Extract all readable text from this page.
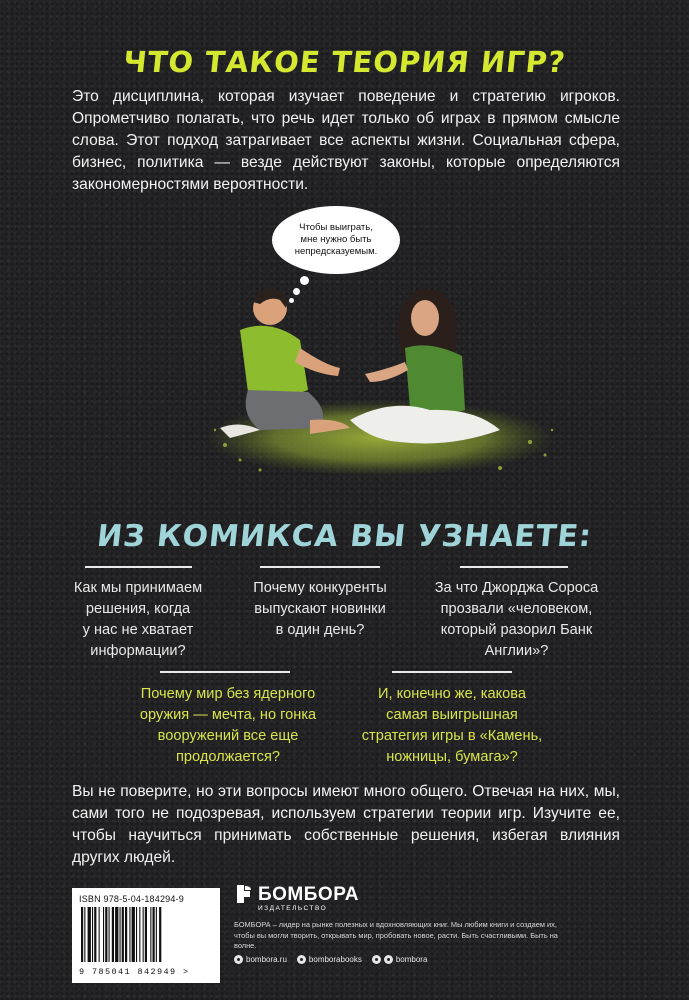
ЧТО ТАКОЕ ТЕОРИЯ ИГР?

Это дисциплина, которая изучает поведение и стратегию игроков. Опрометчиво полагать, что речь идет только об играх в прямом смысле слова. Этот подход затрагивает все аспекты жизни. Социальная сфера, бизнес, политика — везде действуют законы, которые определяются закономерностями вероятности.

Чтобы выиграть,
мне нужно быть
непредсказуемым.
ИЗ КОМИКСА ВЫ УЗНАЕТЕ:
Как мы принимаем
решения, когда
у нас не хватает
информации?
Почему конкуренты
выпускают новинки
в один день?
За что Джорджа Сороса
прозвали «человеком,
который разорил Банк
Англии»?
Почему мир без ядерного
оружия — мечта, но гонка
вооружений все еще
продолжается?
И, конечно же, какова
самая выигрышная
стратегия игры в «Камень,
ножницы, бумага»?

Вы не поверите, но эти вопросы имеют много общего. Отвечая на них, мы, сами того не подозревая, используем стратегии теории игр. Изучите ее, чтобы научиться принимать собственные решения, избегая влияния других людей.

ISBN 978-5-04-184294-9
9 785041 842949 >
БОМБОРА
ИЗДАТЕЛЬСТВО
БОМБОРА – лидер на рынке полезных и вдохновляющих книг. Мы любим книги и создаем их, чтобы вы могли творить, открывать мир, пробовать новое, расти. Быть счастливыми. Быть на волне.
bombora.ru	bomborabooks	bombora
